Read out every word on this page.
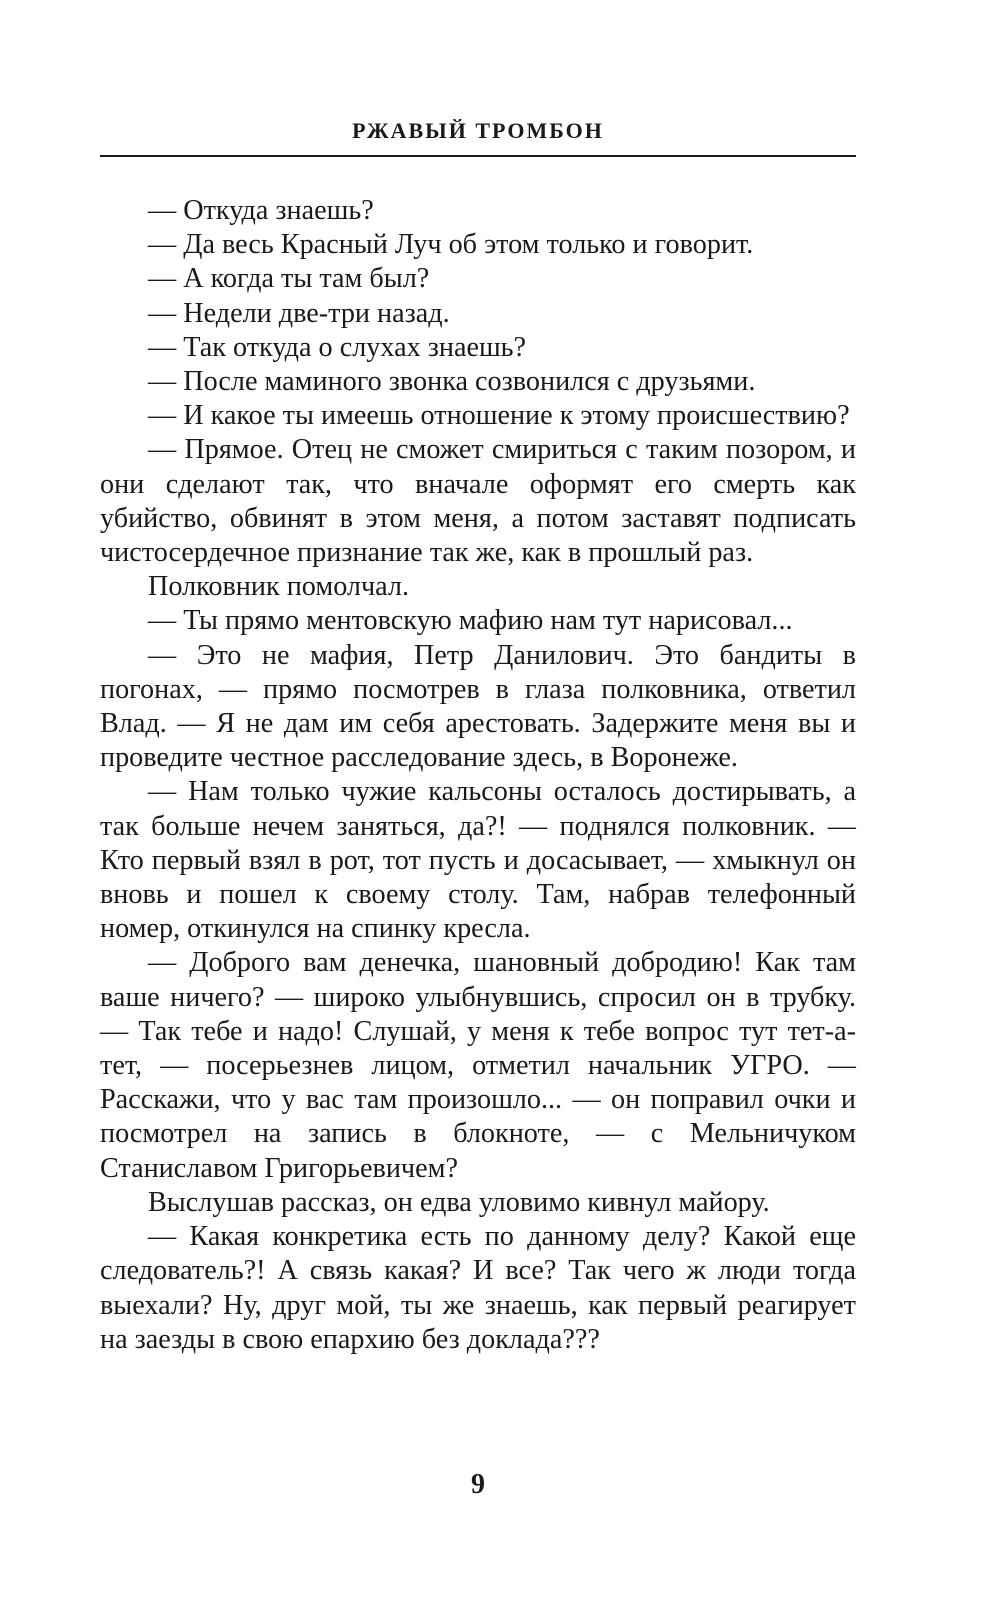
РЖАВЫЙ ТРОМБОН

— Откуда знаешь?

— Да весь Красный Луч об этом только и говорит.

— А когда ты там был?

— Недели две-три назад.

— Так откуда о слухах знаешь?

— После маминого звонка созвонился с друзьями.

— И какое ты имеешь отношение к этому происшествию?

— Прямое. Отец не сможет смириться с таким позором, и они сделают так, что вначале оформят его смерть как убийство, обвинят в этом меня, а потом заставят подписать чистосердечное признание так же, как в прошлый раз.

Полковник помолчал.

— Ты прямо ментовскую мафию нам тут нарисовал...

— Это не мафия, Петр Данилович. Это бандиты в погонах, — прямо посмотрев в глаза полковника, ответил Влад. — Я не дам им себя арестовать. Задержите меня вы и проведите честное расследование здесь, в Воронеже.

— Нам только чужие кальсоны осталось достирывать, а так больше нечем заняться, да?! — поднялся полковник. — Кто первый взял в рот, тот пусть и досасывает, — хмыкнул он вновь и пошел к своему столу. Там, набрав телефонный номер, откинулся на спинку кресла.

— Доброго вам денечка, шановный добродию! Как там ваше ничего? — широко улыбнувшись, спросил он в трубку. — Так тебе и надо! Слушай, у меня к тебе вопрос тут тет-а-тет, — посерьезнев лицом, отметил начальник УГРО. — Расскажи, что у вас там произошло... — он поправил очки и посмотрел на запись в блокноте, — с Мельничуком Станиславом Григорьевичем?

Выслушав рассказ, он едва уловимо кивнул майору.

— Какая конкретика есть по данному делу? Какой еще следователь?! А связь какая? И все? Так чего ж люди тогда выехали? Ну, друг мой, ты же знаешь, как первый реагирует на заезды в свою епархию без доклада???

9
